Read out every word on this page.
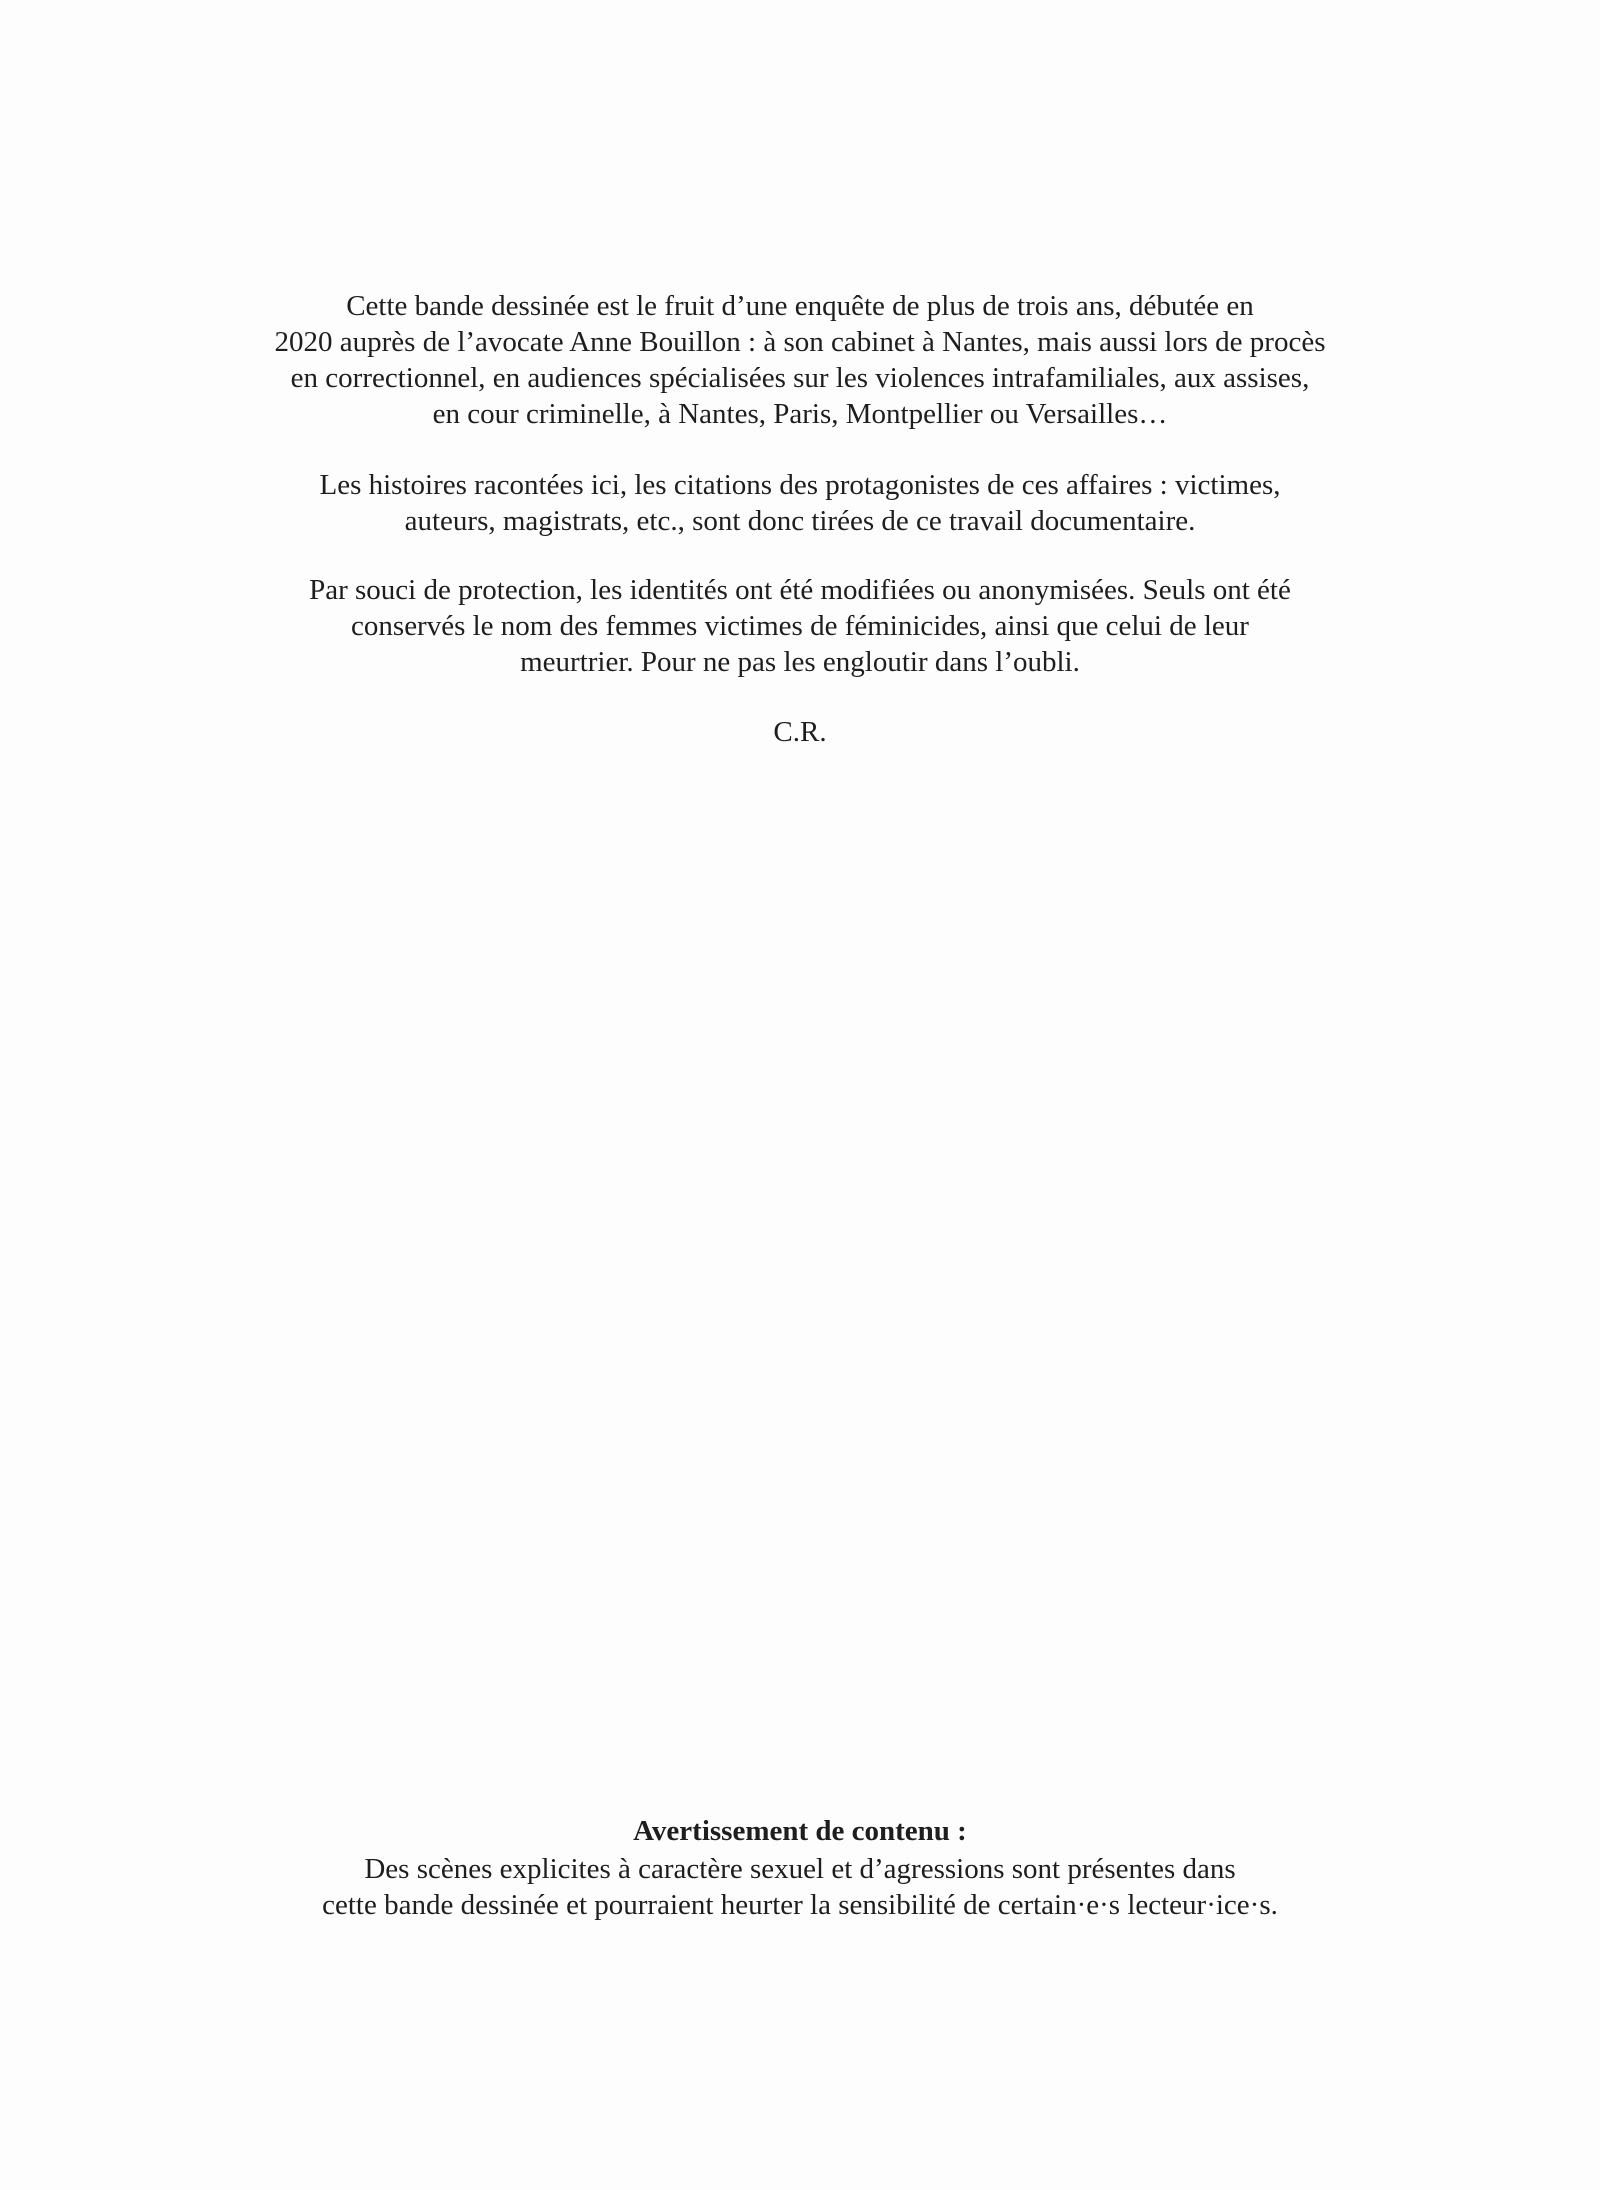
Cette bande dessinée est le fruit d’une enquête de plus de trois ans, débutée en
2020 auprès de l’avocate Anne Bouillon : à son cabinet à Nantes, mais aussi lors de procès
en correctionnel, en audiences spécialisées sur les violences intrafamiliales, aux assises,
en cour criminelle, à Nantes, Paris, Montpellier ou Versailles…
Les histoires racontées ici, les citations des protagonistes de ces affaires : victimes,
auteurs, magistrats, etc., sont donc tirées de ce travail documentaire.
Par souci de protection, les identités ont été modifiées ou anonymisées. Seuls ont été
conservés le nom des femmes victimes de féminicides, ainsi que celui de leur
meurtrier. Pour ne pas les engloutir dans l’oubli.
C.R.
Avertissement de contenu :
Des scènes explicites à caractère sexuel et d’agressions sont présentes dans
cette bande dessinée et pourraient heurter la sensibilité de certain·e·s lecteur·ice·s.
